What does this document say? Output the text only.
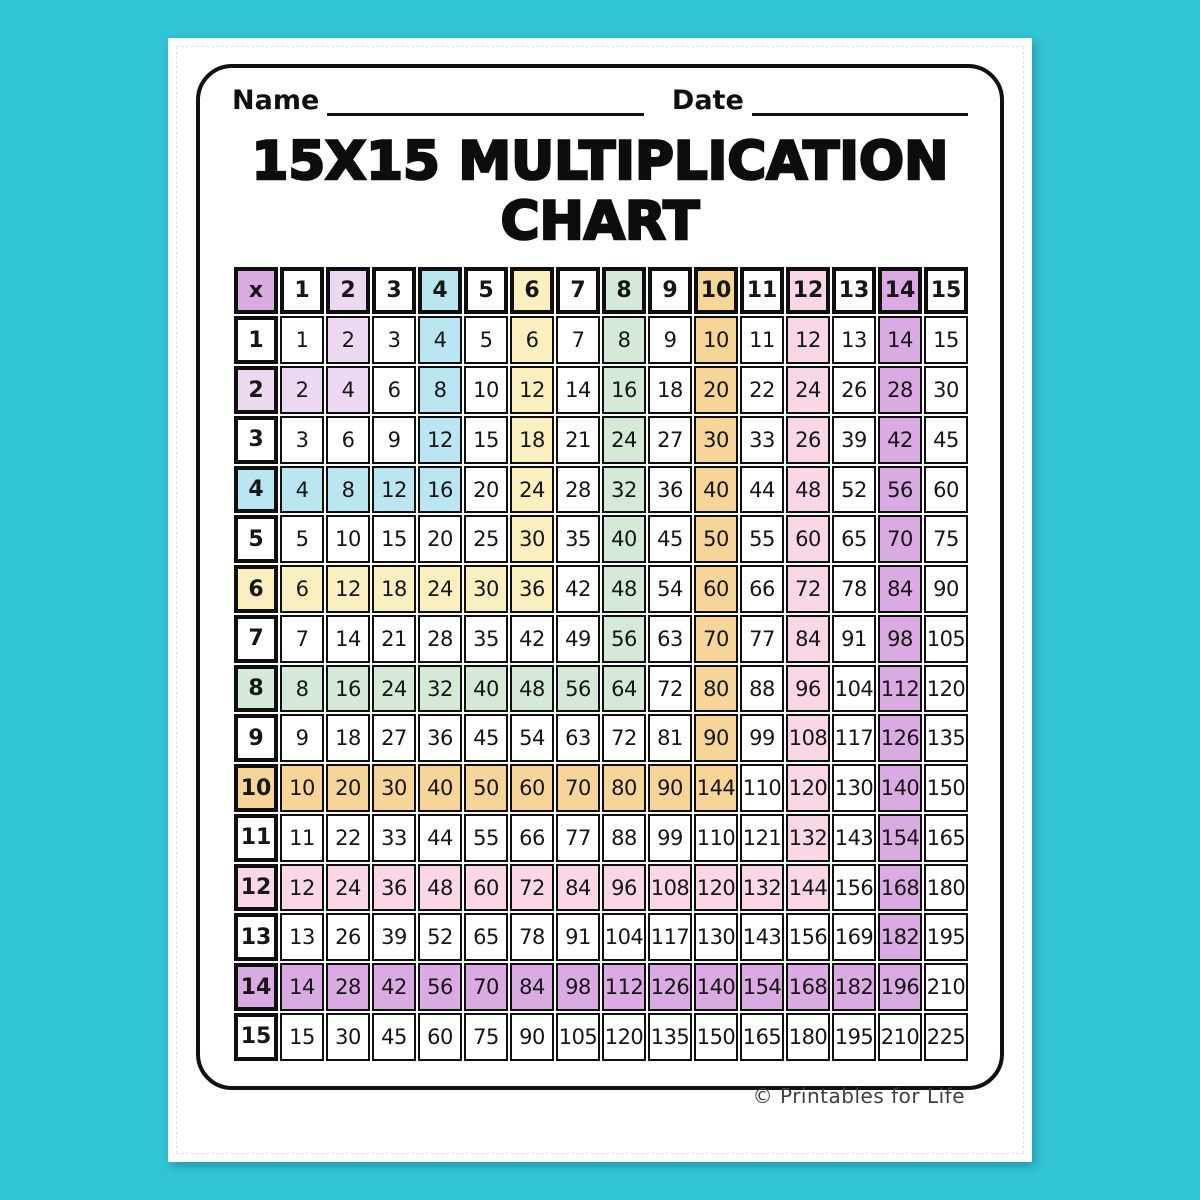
Name	Date
15X15 MULTIPLICATION
CHART
x	1	2	3	4	5	6	7	8	9	10	11	12	13	14	15
1	1	2	3	4	5	6	7	8	9	10	11	12	13	14	15
2	2	4	6	8	10	12	14	16	18	20	22	24	26	28	30
3	3	6	9	12	15	18	21	24	27	30	33	26	39	42	45
4	4	8	12	16	20	24	28	32	36	40	44	48	52	56	60
5	5	10	15	20	25	30	35	40	45	50	55	60	65	70	75
6	6	12	18	24	30	36	42	48	54	60	66	72	78	84	90
7	7	14	21	28	35	42	49	56	63	70	77	84	91	98	105
8	8	16	24	32	40	48	56	64	72	80	88	96	104	112	120
9	9	18	27	36	45	54	63	72	81	90	99	108	117	126	135
10	10	20	30	40	50	60	70	80	90	144	110	120	130	140	150
11	11	22	33	44	55	66	77	88	99	110	121	132	143	154	165
12	12	24	36	48	60	72	84	96	108	120	132	144	156	168	180
13	13	26	39	52	65	78	91	104	117	130	143	156	169	182	195
14	14	28	42	56	70	84	98	112	126	140	154	168	182	196	210
15	15	30	45	60	75	90	105	120	135	150	165	180	195	210	225
© Printables for Life
